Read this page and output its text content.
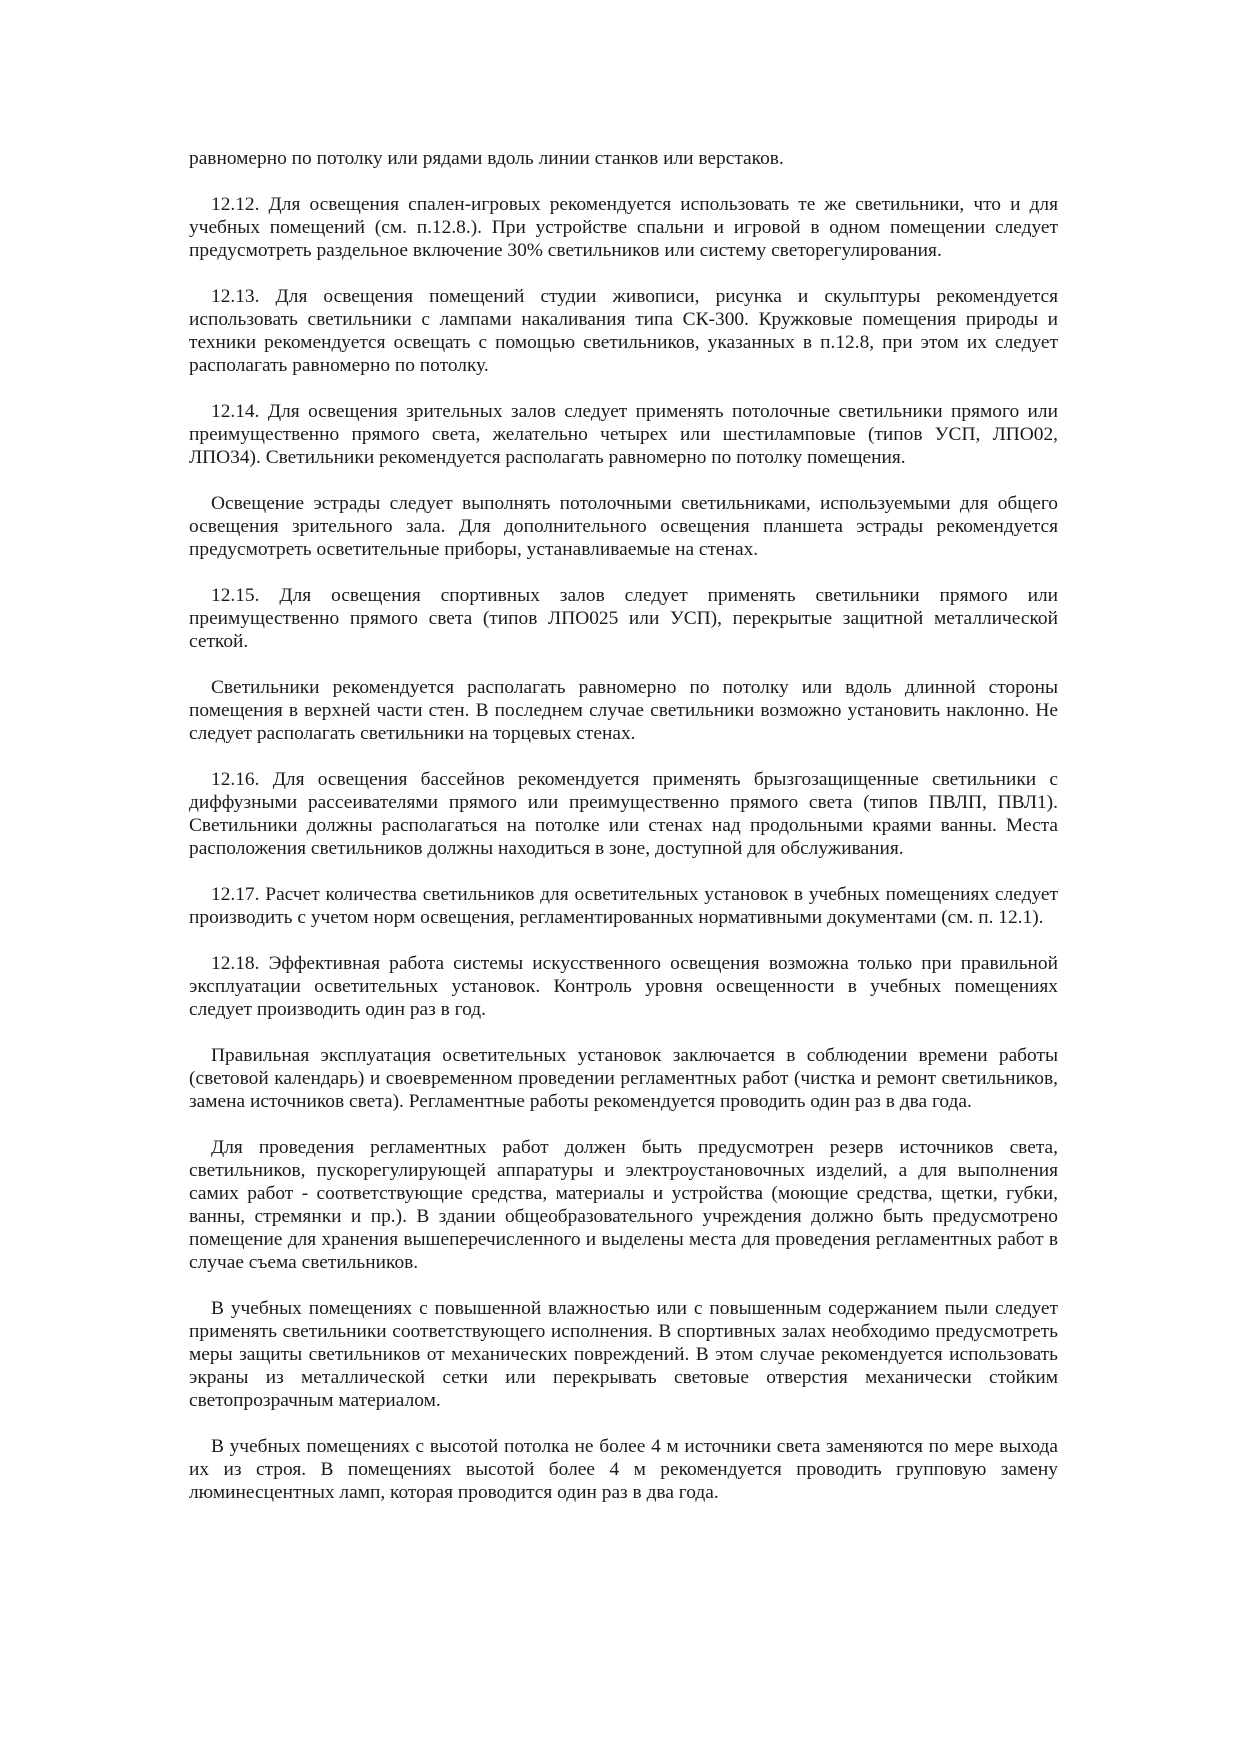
равномерно по потолку или рядами вдоль линии станков или верстаков.

12.12. Для освещения спален-игровых рекомендуется использовать те же светильники, что и для учебных помещений (см. п.12.8.). При устройстве спальни и игровой в одном помещении следует предусмотреть раздельное включение 30% светильников или систему светорегулирования.

12.13. Для освещения помещений студии живописи, рисунка и скульптуры рекомендуется использовать светильники с лампами накаливания типа СК-300. Кружковые помещения природы и техники рекомендуется освещать с помощью светильников, указанных в п.12.8, при этом их следует располагать равномерно по потолку.

12.14. Для освещения зрительных залов следует применять потолочные светильники прямого или преимущественно прямого света, желательно четырех или шестиламповые (типов УСП, ЛПО02, ЛПО34). Светильники рекомендуется располагать равномерно по потолку помещения.

Освещение эстрады следует выполнять потолочными светильниками, используемыми для общего освещения зрительного зала. Для дополнительного освещения планшета эстрады рекомендуется предусмотреть осветительные приборы, устанавливаемые на стенах.

12.15. Для освещения спортивных залов следует применять светильники прямого или преимущественно прямого света (типов ЛПО025 или УСП), перекрытые защитной металлической сеткой.

Светильники рекомендуется располагать равномерно по потолку или вдоль длинной стороны помещения в верхней части стен. В последнем случае светильники возможно установить наклонно. Не следует располагать светильники на торцевых стенах.

12.16. Для освещения бассейнов рекомендуется применять брызгозащищенные светильники с диффузными рассеивателями прямого или преимущественно прямого света (типов ПВЛП, ПВЛ1). Светильники должны располагаться на потолке или стенах над продольными краями ванны. Места расположения светильников должны находиться в зоне, доступной для обслуживания.

12.17. Расчет количества светильников для осветительных установок в учебных помещениях следует производить с учетом норм освещения, регламентированных нормативными документами (см. п. 12.1).

12.18. Эффективная работа системы искусственного освещения возможна только при правильной эксплуатации осветительных установок. Контроль уровня освещенности в учебных помещениях следует производить один раз в год.

Правильная эксплуатация осветительных установок заключается в соблюдении времени работы (световой календарь) и своевременном проведении регламентных работ (чистка и ремонт светильников, замена источников света). Регламентные работы рекомендуется проводить один раз в два года.

Для проведения регламентных работ должен быть предусмотрен резерв источников света, светильников, пускорегулирующей аппаратуры и электроустановочных изделий, а для выполнения самих работ - соответствующие средства, материалы и устройства (моющие средства, щетки, губки, ванны, стремянки и пр.). В здании общеобразовательного учреждения должно быть предусмотрено помещение для хранения вышеперечисленного и выделены места для проведения регламентных работ в случае съема светильников.

В учебных помещениях с повышенной влажностью или с повышенным содержанием пыли следует применять светильники соответствующего исполнения. В спортивных залах необходимо предусмотреть меры защиты светильников от механических повреждений. В этом случае рекомендуется использовать экраны из металлической сетки или перекрывать световые отверстия механически стойким светопрозрачным материалом.

В учебных помещениях с высотой потолка не более 4 м источники света заменяются по мере выхода их из строя. В помещениях высотой более 4 м рекомендуется проводить групповую замену люминесцентных ламп, которая проводится один раз в два года.
